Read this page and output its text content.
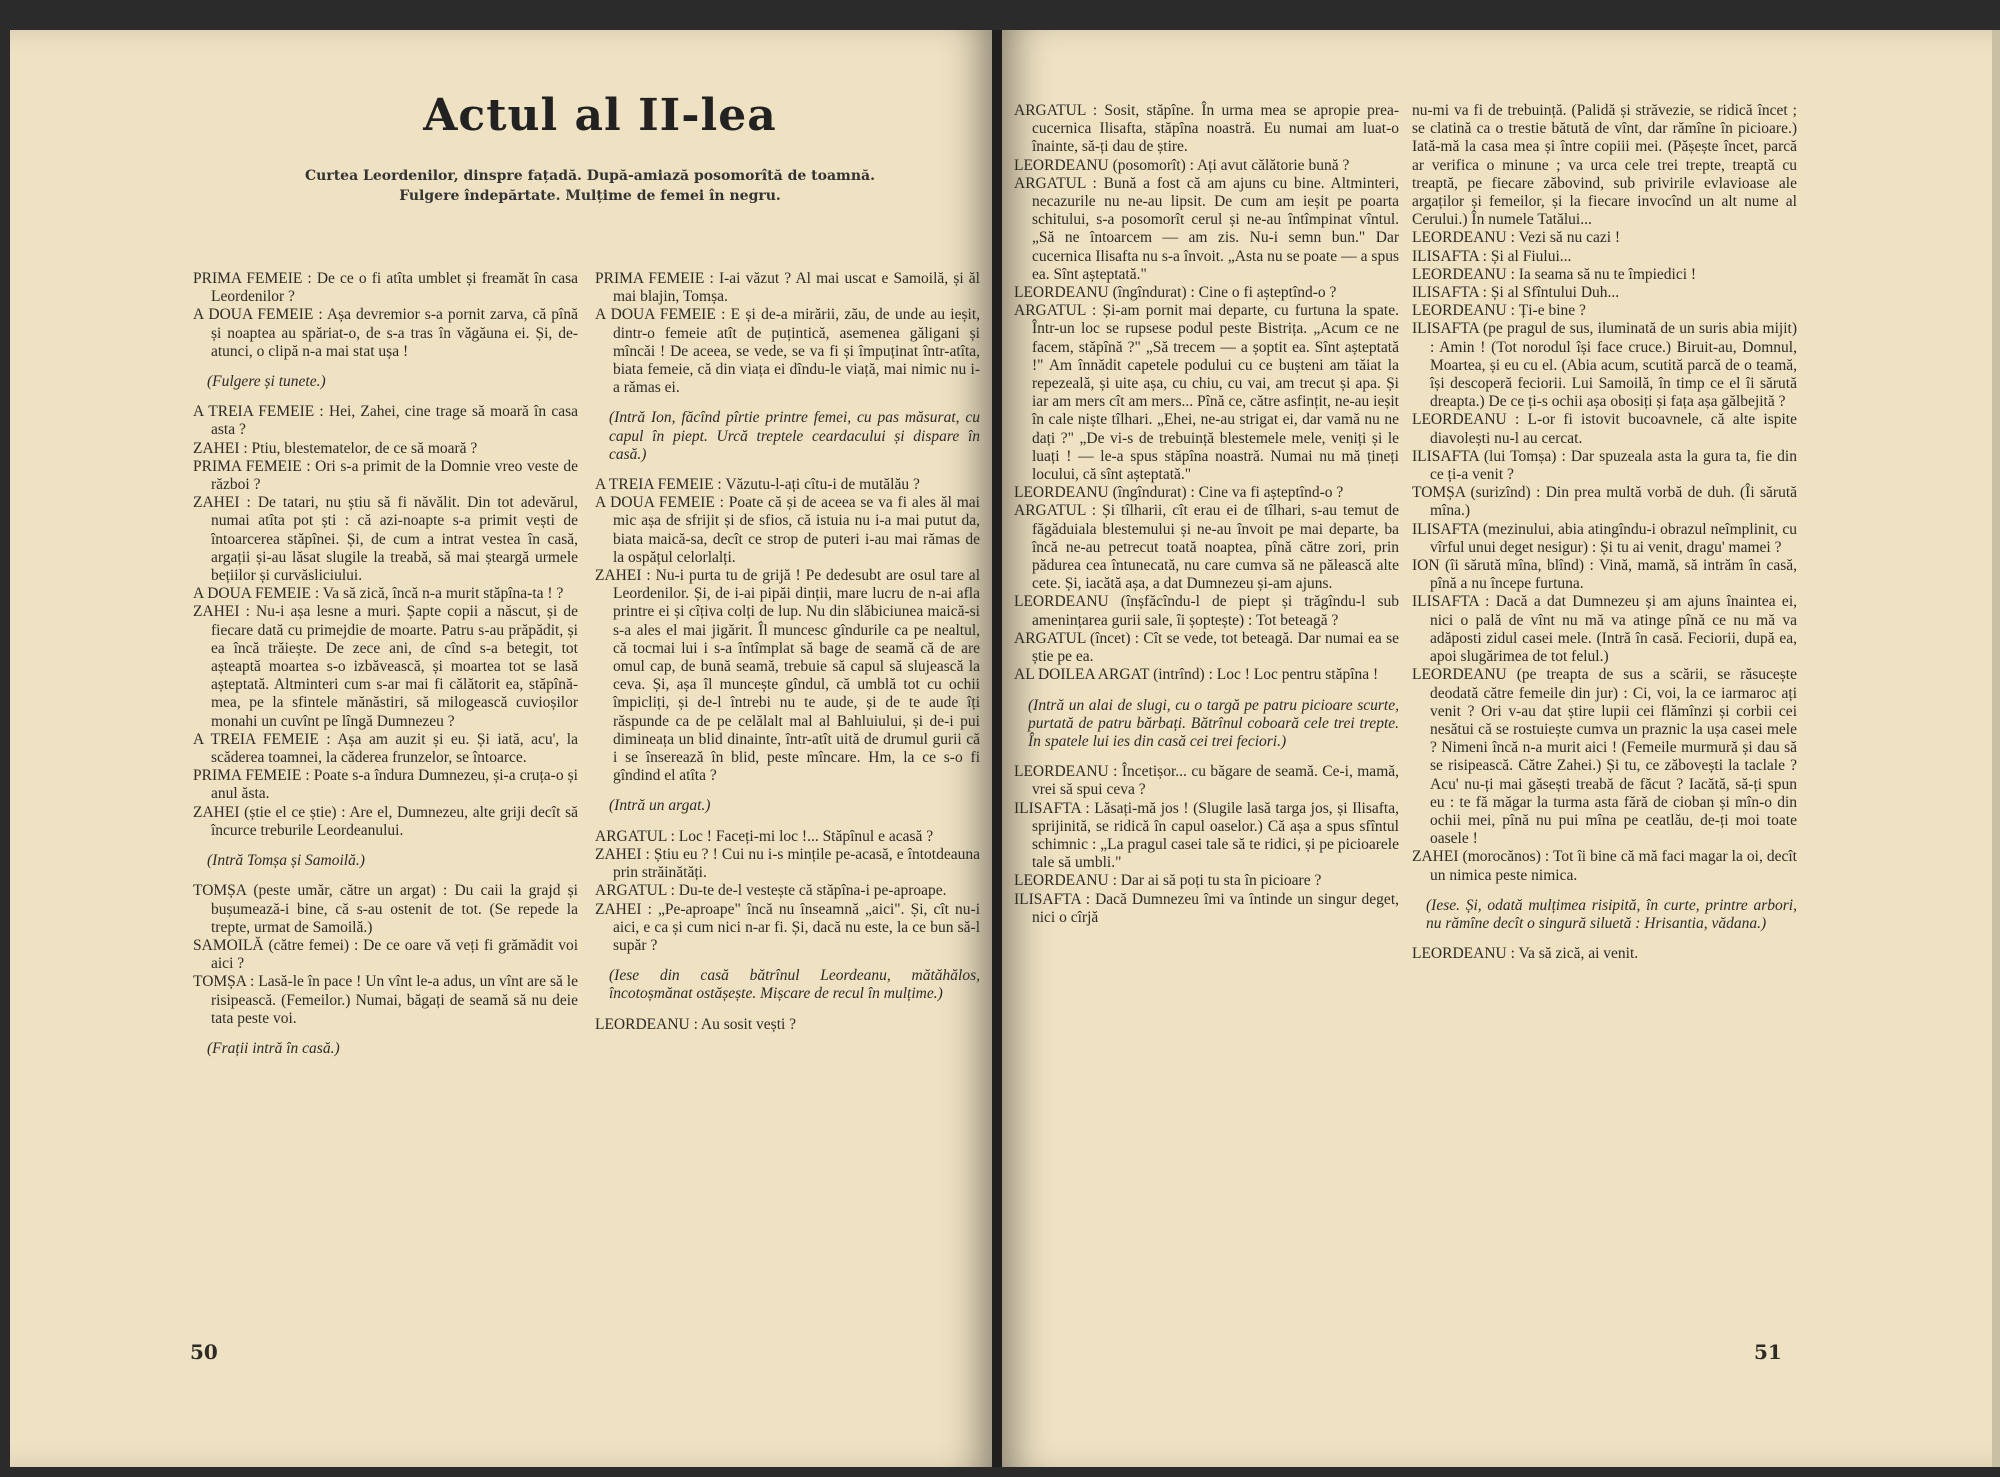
Actul al II-lea
Curtea Leordenilor, dinspre fațadă. După-amiază posomorîtă de toamnă. Fulgere îndepărtate. Mulțime de femei în negru.

PRIMA FEMEIE : De ce o fi atîta umblet și freamăt în casa Leordenilor ?

A DOUA FEMEIE : Așa devremior s-a pornit zarva, că pînă și noaptea au spăriat-o, de s-a tras în văgăuna ei. Și, de-atunci, o clipă n-a mai stat ușa !

(Fulgere și tunete.)

A TREIA FEMEIE : Hei, Zahei, cine trage să moară în casa asta ?

ZAHEI : Ptiu, blestematelor, de ce să moară ?

PRIMA FEMEIE : Ori s-a primit de la Domnie vreo veste de război ?

ZAHEI : De tatari, nu știu să fi năvălit. Din tot adevărul, numai atîta pot ști : că azi-noapte s-a primit vești de întoarcerea stăpînei. Și, de cum a intrat vestea în casă, argații și-au lăsat slugile la treabă, să mai șteargă urmele bețiilor și curvăsliciului.

A DOUA FEMEIE : Va să zică, încă n-a murit stăpîna-ta ! ?

ZAHEI : Nu-i așa lesne a muri. Șapte copii a născut, și de fiecare dată cu primejdie de moarte. Patru s-au prăpădit, și ea încă trăiește. De zece ani, de cînd s-a betegit, tot așteaptă moartea s-o izbăvească, și moartea tot se lasă așteptată. Altminteri cum s-ar mai fi călătorit ea, stăpînă-mea, pe la sfintele mănăstiri, să milogească cuvioșilor monahi un cuvînt pe lîngă Dumnezeu ?

A TREIA FEMEIE : Așa am auzit și eu. Și iată, acu', la scăderea toamnei, la căderea frunzelor, se întoarce.

PRIMA FEMEIE : Poate s-a îndura Dumnezeu, și-a cruța-o și anul ăsta.

ZAHEI (știe el ce știe) : Are el, Dumnezeu, alte griji decît să încurce treburile Leordeanului.

(Intră Tomșa și Samoilă.)

TOMȘA (peste umăr, către un argat) : Du caii la grajd și bușumează-i bine, că s-au ostenit de tot. (Se repede la trepte, urmat de Samoilă.)

SAMOILĂ (către femei) : De ce oare vă veți fi grămădit voi aici ?

TOMȘA : Lasă-le în pace ! Un vînt le-a adus, un vînt are să le risipească. (Femeilor.) Numai, băgați de seamă să nu deie tata peste voi.

(Frații intră în casă.)

PRIMA FEMEIE : I-ai văzut ? Al mai uscat e Samoilă, și ăl mai blajin, Tomșa.

A DOUA FEMEIE : E și de-a mirării, zău, de unde au ieșit, dintr-o femeie atît de puțintică, asemenea găligani și mîncăi ! De aceea, se vede, se va fi și împuținat într-atîta, biata femeie, că din viața ei dîndu-le viață, mai nimic nu i-a rămas ei.

(Intră Ion, făcînd pîrtie printre femei, cu pas măsurat, cu capul în piept. Urcă treptele ceardacului și dispare în casă.)

A TREIA FEMEIE : Văzutu-l-ați cîtu-i de mutălău ?

A DOUA FEMEIE : Poate că și de aceea se va fi ales ăl mai mic așa de sfrijit și de sfios, că istuia nu i-a mai putut da, biata maică-sa, decît ce strop de puteri i-au mai rămas de la ospățul celorlalți.

ZAHEI : Nu-i purta tu de grijă ! Pe dedesubt are osul tare al Leordenilor. Și, de i-ai pipăi dinții, mare lucru de n-ai afla printre ei și cîțiva colți de lup. Nu din slăbiciunea maică-si s-a ales el mai jigărit. Îl muncesc gîndurile ca pe nealtul, că tocmai lui i s-a întîmplat să bage de seamă că de are omul cap, de bună seamă, trebuie să capul să slujească la ceva. Și, așa îl muncește gîndul, că umblă tot cu ochii împicliți, și de-l întrebi nu te aude, și de te aude îți răspunde ca de pe celălalt mal al Bahluiului, și de-i pui dimineața un blid dinainte, într-atît uită de drumul gurii că i se înserează în blid, peste mîncare. Hm, la ce s-o fi gîndind el atîta ?

(Intră un argat.)

ARGATUL : Loc ! Faceți-mi loc !... Stăpînul e acasă ?

ZAHEI : Știu eu ? ! Cui nu i-s mințile pe-acasă, e întotdeauna prin străinătăți.

ARGATUL : Du-te de-l vestește că stăpîna-i pe-aproape.

ZAHEI : „Pe-aproape" încă nu înseamnă „aici". Și, cît nu-i aici, e ca și cum nici n-ar fi. Și, dacă nu este, la ce bun să-l supăr ?

(Iese din casă bătrînul Leordeanu, mătăhălos, încotoșmănat ostășește. Mișcare de recul în mulțime.)

LEORDEANU : Au sosit vești ?

50

ARGATUL : Sosit, stăpîne. În urma mea se apropie prea-cucernica Ilisafta, stăpîna noastră. Eu numai am luat-o înainte, să-ți dau de știre.

LEORDEANU (posomorît) : Ați avut călătorie bună ?

ARGATUL : Bună a fost că am ajuns cu bine. Altminteri, necazurile nu ne-au lipsit. De cum am ieșit pe poarta schitului, s-a posomorît cerul și ne-au întîmpinat vîntul. „Să ne întoarcem — am zis. Nu-i semn bun." Dar cucernica Ilisafta nu s-a învoit. „Asta nu se poate — a spus ea. Sînt așteptată."

LEORDEANU (îngîndurat) : Cine o fi așteptînd-o ?

ARGATUL : Și-am pornit mai departe, cu furtuna la spate. Într-un loc se rupsese podul peste Bistrița. „Acum ce ne facem, stăpînă ?" „Să trecem — a șoptit ea. Sînt așteptată !" Am înnădit capetele podului cu ce bușteni am tăiat la repezeală, și uite așa, cu chiu, cu vai, am trecut și apa. Și iar am mers cît am mers... Pînă ce, către asfințit, ne-au ieșit în cale niște tîlhari. „Ehei, ne-au strigat ei, dar vamă nu ne dați ?" „De vi-s de trebuință blestemele mele, veniți și le luați ! — le-a spus stăpîna noastră. Numai nu mă țineți locului, că sînt așteptată."

LEORDEANU (îngîndurat) : Cine va fi așteptînd-o ?

ARGATUL : Și tîlharii, cît erau ei de tîlhari, s-au temut de făgăduiala blestemului și ne-au învoit pe mai departe, ba încă ne-au petrecut toată noaptea, pînă către zori, prin pădurea cea întunecată, nu care cumva să ne pălească alte cete. Și, iacătă așa, a dat Dumnezeu și-am ajuns.

LEORDEANU (înșfăcîndu-l de piept și trăgîndu-l sub amenințarea gurii sale, îi șoptește) : Tot beteagă ?

ARGATUL (încet) : Cît se vede, tot beteagă. Dar numai ea se știe pe ea.

AL DOILEA ARGAT (intrînd) : Loc ! Loc pentru stăpîna !

(Intră un alai de slugi, cu o targă pe patru picioare scurte, purtată de patru bărbați. Bătrînul coboară cele trei trepte. În spatele lui ies din casă cei trei feciori.)

LEORDEANU : Încetișor... cu băgare de seamă. Ce-i, mamă, vrei să spui ceva ?

ILISAFTA : Lăsați-mă jos ! (Slugile lasă targa jos, și Ilisafta, sprijinită, se ridică în capul oaselor.) Că așa a spus sfîntul schimnic : „La pragul casei tale să te ridici, și pe picioarele tale să umbli."

LEORDEANU : Dar ai să poți tu sta în picioare ?

ILISAFTA : Dacă Dumnezeu îmi va întinde un singur deget, nici o cîrjă

nu-mi va fi de trebuință. (Palidă și străvezie, se ridică încet ; se clatină ca o trestie bătută de vînt, dar rămîne în picioare.) Iată-mă la casa mea și între copiii mei. (Pășește încet, parcă ar verifica o minune ; va urca cele trei trepte, treaptă cu treaptă, pe fiecare zăbovind, sub privirile evlavioase ale argaților și femeilor, și la fiecare invocînd un alt nume al Cerului.) În numele Tatălui...

LEORDEANU : Vezi să nu cazi !

ILISAFTA : Și al Fiului...

LEORDEANU : Ia seama să nu te împiedici !

ILISAFTA : Și al Sfîntului Duh...

LEORDEANU : Ți-e bine ?

ILISAFTA (pe pragul de sus, iluminată de un suris abia mijit) : Amin ! (Tot norodul își face cruce.) Biruit-au, Domnul, Moartea, și eu cu el. (Abia acum, scutită parcă de o teamă, își descoperă feciorii. Lui Samoilă, în timp ce el îi sărută dreapta.) De ce ți-s ochii așa obosiți și fața așa gălbejită ?

LEORDEANU : L-or fi istovit bucoavnele, că alte ispite diavolești nu-l au cercat.

ILISAFTA (lui Tomșa) : Dar spuzeala asta la gura ta, fie din ce ți-a venit ?

TOMȘA (surizînd) : Din prea multă vorbă de duh. (Îi sărută mîna.)

ILISAFTA (mezinului, abia atingîndu-i obrazul neîmplinit, cu vîrful unui deget nesigur) : Și tu ai venit, dragu' mamei ?

ION (îi sărută mîna, blînd) : Vină, mamă, să intrăm în casă, pînă a nu începe furtuna.

ILISAFTA : Dacă a dat Dumnezeu și am ajuns înaintea ei, nici o pală de vînt nu mă va atinge pînă ce nu mă va adăposti zidul casei mele. (Intră în casă. Feciorii, după ea, apoi slugărimea de tot felul.)

LEORDEANU (pe treapta de sus a scării, se răsucește deodată către femeile din jur) : Ci, voi, la ce iarmaroc ați venit ? Ori v-au dat știre lupii cei flămînzi și corbii cei nesătui că se rostuiește cumva un praznic la ușa casei mele ? Nimeni încă n-a murit aici ! (Femeile murmură și dau să se risipească. Către Zahei.) Și tu, ce zăbovești la taclale ? Acu' nu-ți mai găsești treabă de făcut ? Iacătă, să-ți spun eu : te fă măgar la turma asta fără de cioban și mîn-o din ochii mei, pînă nu pui mîna pe ceatlău, de-ți moi toate oasele !

ZAHEI (morocănos) : Tot îi bine că mă faci magar la oi, decît un nimica peste nimica.

(Iese. Și, odată mulțimea risipită, în curte, printre arbori, nu rămîne decît o singură siluetă : Hrisantia, vădana.)

LEORDEANU : Va să zică, ai venit.

51
